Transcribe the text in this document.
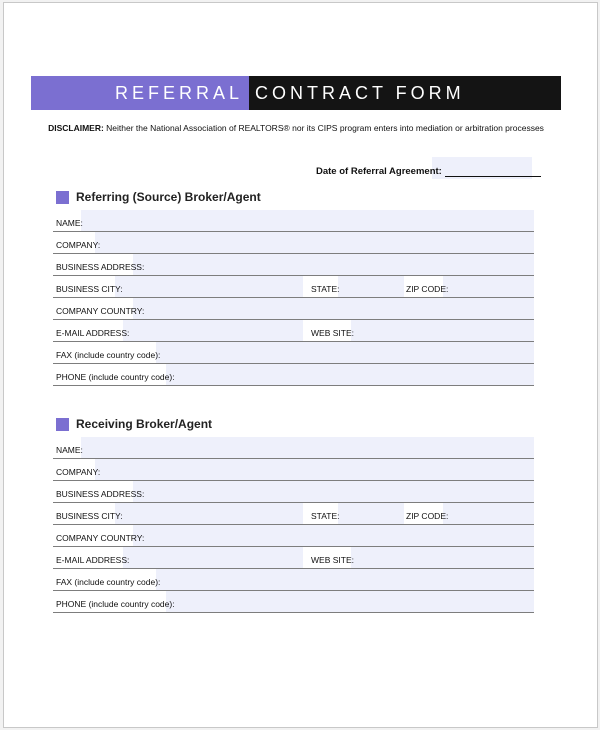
REFERRAL CONTRACT FORM
DISCLAIMER: Neither the National Association of REALTORS® nor its CIPS program enters into mediation or arbitration processes
Date of Referral Agreement:
Referring (Source) Broker/Agent
NAME:
COMPANY:
BUSINESS ADDRESS:
BUSINESS CITY:	STATE:	ZIP CODE:
COMPANY COUNTRY:
E-MAIL ADDRESS:	WEB SITE:
FAX (include country code):
PHONE (include country code):
Receiving Broker/Agent
NAME:
COMPANY:
BUSINESS ADDRESS:
BUSINESS CITY:	STATE:	ZIP CODE:
COMPANY COUNTRY:
E-MAIL ADDRESS:	WEB SITE:
FAX (include country code):
PHONE (include country code):
